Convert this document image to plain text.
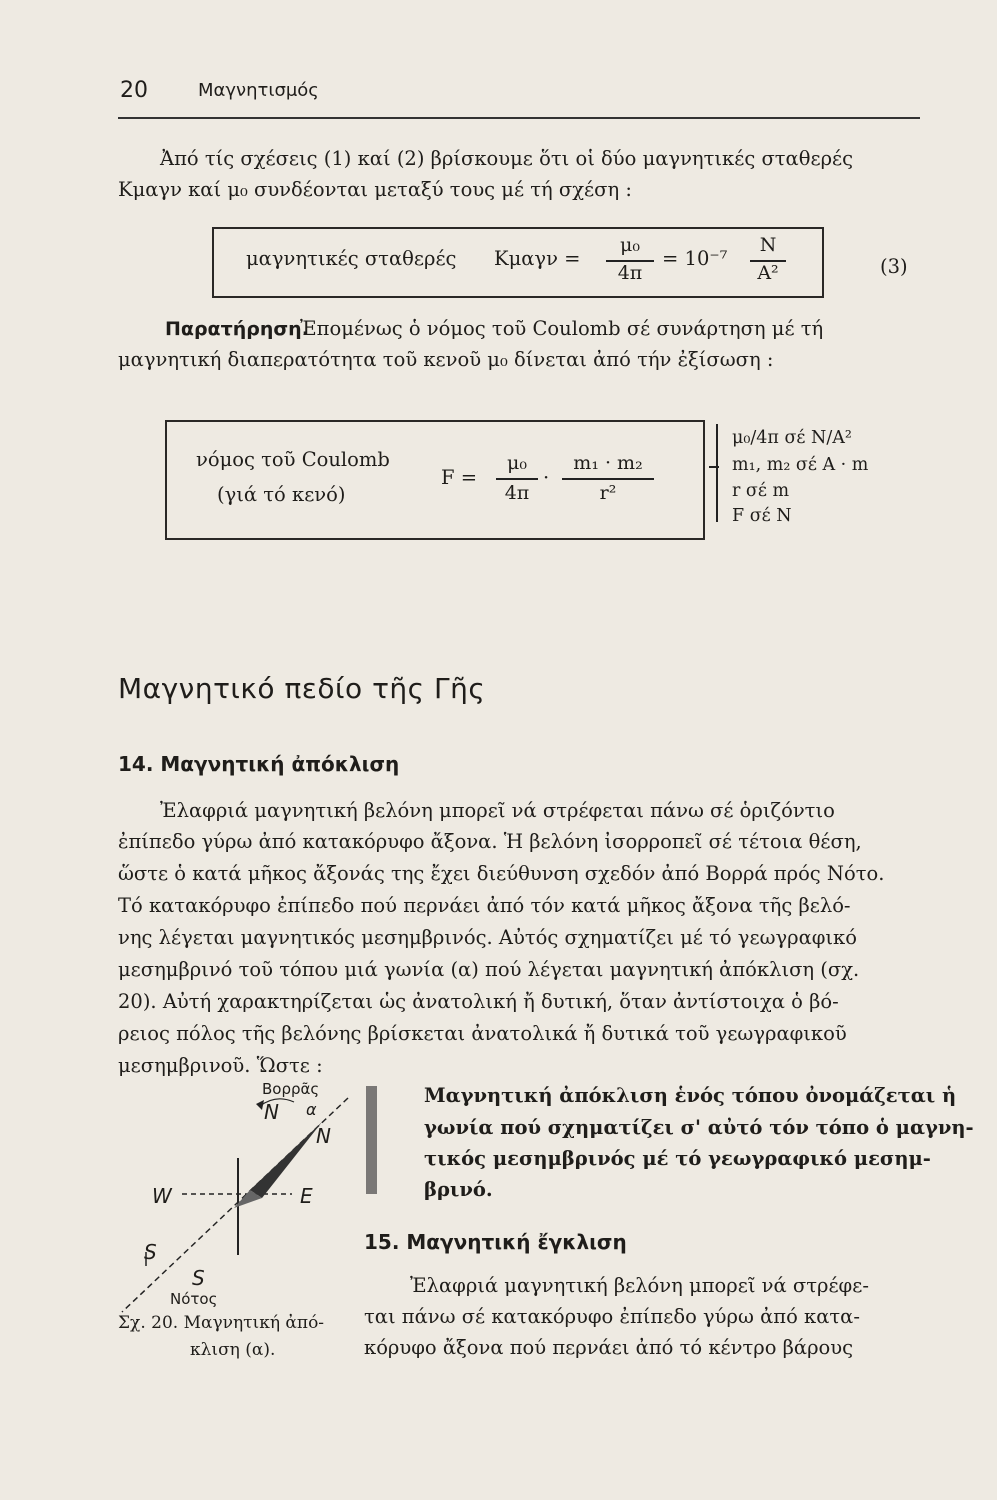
20	Μαγνητισμός
Ἀπό τίς σχέσεις (1) καί (2) βρίσκουμε ὅτι οἱ δύο μαγνητικές σταθερές
Κμαγν καί μ₀ συνδέονται μεταξύ τους μέ τή σχέση :
μαγνητικές σταθερές Κμαγν =
μ₀
4π
= 10⁻⁷
N
A²	(3)
Παρατήρηση.
Ἐπομένως ὁ νόμος τοῦ Coulomb σέ συνάρτηση μέ τή
μαγνητική διαπερατότητα τοῦ κενοῦ μ₀ δίνεται ἀπό τήν ἐξίσωση :
νόμος τοῦ Coulomb
(γιά τό κενό)
F =
μ₀
4π
·
m₁ · m₂
r²
μ₀/4π σέ N/A²
m₁, m₂ σέ A · m
r σέ m
F σέ N
Μαγνητικό πεδίο τῆς Γῆς
14. Μαγνητική ἀπόκλιση
Ἐλαφριά μαγνητική βελόνη μπορεῖ νά στρέφεται πάνω σέ ὁριζόντιο
ἐπίπεδο γύρω ἀπό κατακόρυφο ἄξονα. Ἡ βελόνη ἰσορροπεῖ σέ τέτοια θέση,
ὥστε ὁ κατά μῆκος ἄξονάς της ἔχει διεύθυνση σχεδόν ἀπό Βορρά πρός Νότο.
Τό κατακόρυφο ἐπίπεδο πού περνάει ἀπό τόν κατά μῆκος ἄξονα τῆς βελό-
νης λέγεται μαγνητικός μεσημβρινός. Αὐτός σχηματίζει μέ τό γεωγραφικό
μεσημβρινό τοῦ τόπου μιά γωνία (α) πού λέγεται μαγνητική ἀπόκλιση (σχ.
20). Αὐτή χαρακτηρίζεται ὡς ἀνατολική ἤ δυτική, ὅταν ἀντίστοιχα ὁ βό-
ρειος πόλος τῆς βελόνης βρίσκεται ἀνατολικά ἤ δυτικά τοῦ γεωγραφικοῦ
μεσημβρινοῦ. Ὥστε :
Μαγνητική ἀπόκλιση ἑνός τόπου ὀνομάζεται ἡ
γωνία πού σχηματίζει σ' αὐτό τόν τόπο ὁ μαγνη-
τικός μεσημβρινός μέ τό γεωγραφικό μεσημ-
βρινό.
Βορρᾶς
N α
N
W	E
S
S
Νότος
Σχ. 20. Μαγνητική ἀπό-
κλιση (α).
15. Μαγνητική ἔγκλιση
Ἐλαφριά μαγνητική βελόνη μπορεῖ νά στρέφε-
ται πάνω σέ κατακόρυφο ἐπίπεδο γύρω ἀπό κατα-
κόρυφο ἄξονα πού περνάει ἀπό τό κέντρο βάρους
